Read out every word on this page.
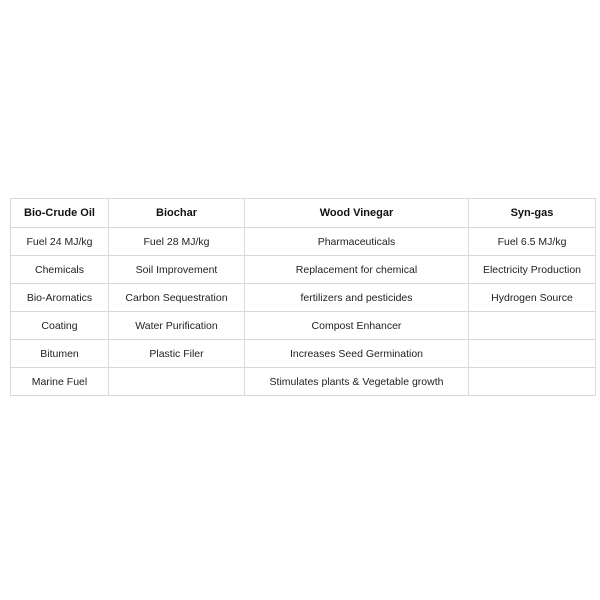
Bio-Crude Oil	Biochar	Wood Vinegar	Syn-gas
Fuel 24 MJ/kg	Fuel 28 MJ/kg	Pharmaceuticals	Fuel 6.5 MJ/kg
Chemicals	Soil Improvement	Replacement for chemical	Electricity Production
Bio-Aromatics	Carbon Sequestration	fertilizers and pesticides	Hydrogen Source
Coating	Water Purification	Compost Enhancer	
Bitumen	Plastic Filer	Increases Seed Germination	
Marine Fuel		Stimulates plants & Vegetable growth	
